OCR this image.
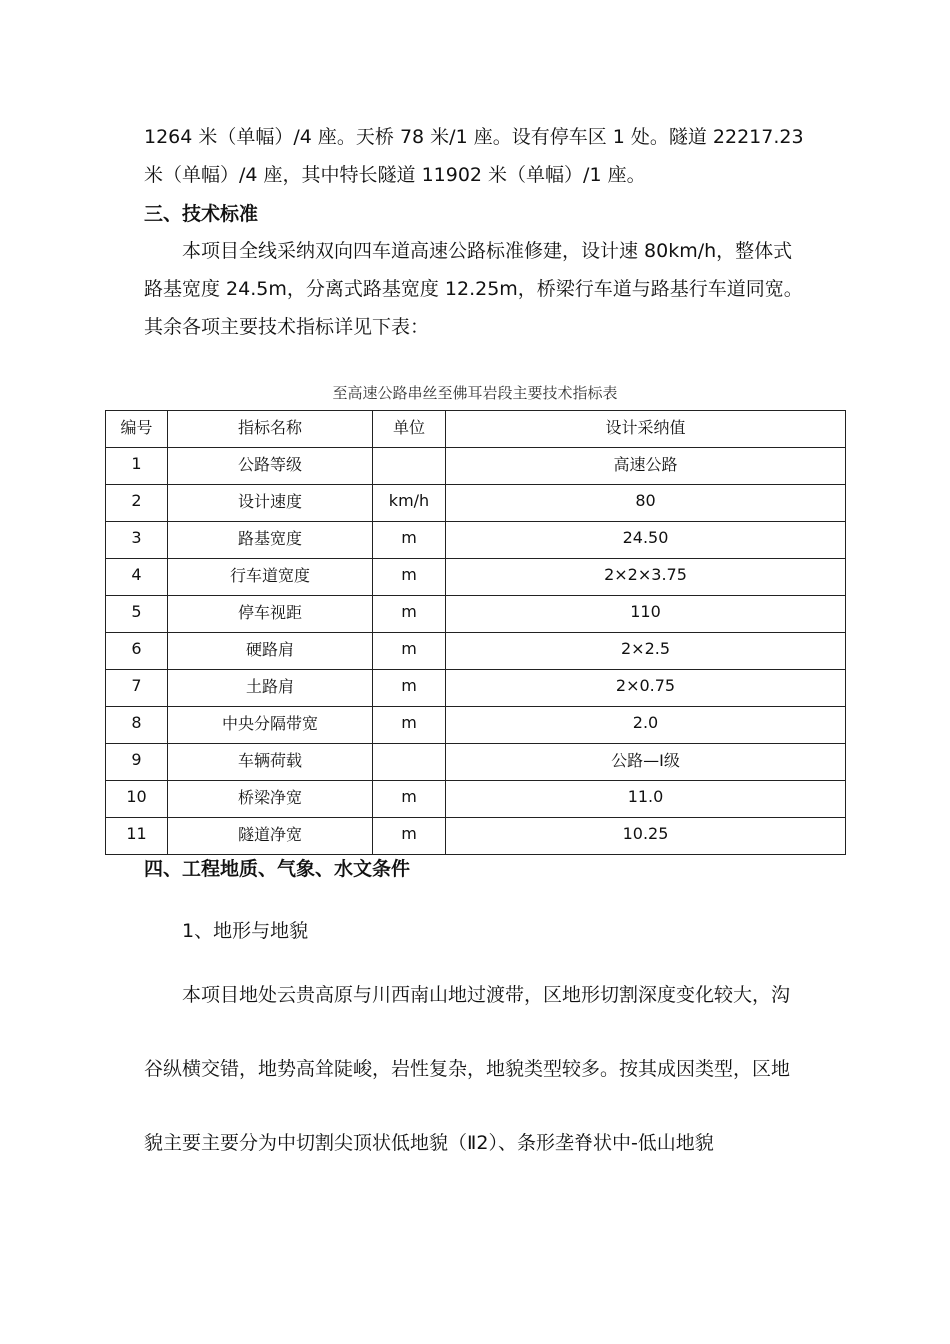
1264 米（单幅）/4 座。天桥 78 米/1 座。设有停车区 1 处。隧道 22217.23
米（单幅）/4 座，其中特长隧道 11902 米（单幅）/1 座。
三、技术标准
本项目全线采纳双向四车道高速公路标准修建，设计速 80km/h，整体式
路基宽度 24.5m，分离式路基宽度 12.25m，桥梁行车道与路基行车道同宽。
其余各项主要技术指标详见下表：
至高速公路串丝至佛耳岩段主要技术指标表
编号	指标名称	单位	设计采纳值
1	公路等级		高速公路
2	设计速度	km/h	80
3	路基宽度	m	24.50
4	行车道宽度	m	2×2×3.75
5	停车视距	m	110
6	硬路肩	m	2×2.5
7	土路肩	m	2×0.75
8	中央分隔带宽	m	2.0
9	车辆荷载		公路—Ⅰ级
10	桥梁净宽	m	11.0
11	隧道净宽	m	10.25
四、工程地质、气象、水文条件
1、地形与地貌
本项目地处云贵高原与川西南山地过渡带，区地形切割深度变化较大，沟
谷纵横交错，地势高耸陡峻，岩性复杂，地貌类型较多。按其成因类型，区地
貌主要主要分为中切割尖顶状低地貌（Ⅱ2）、条形垄脊状中-低山地貌
